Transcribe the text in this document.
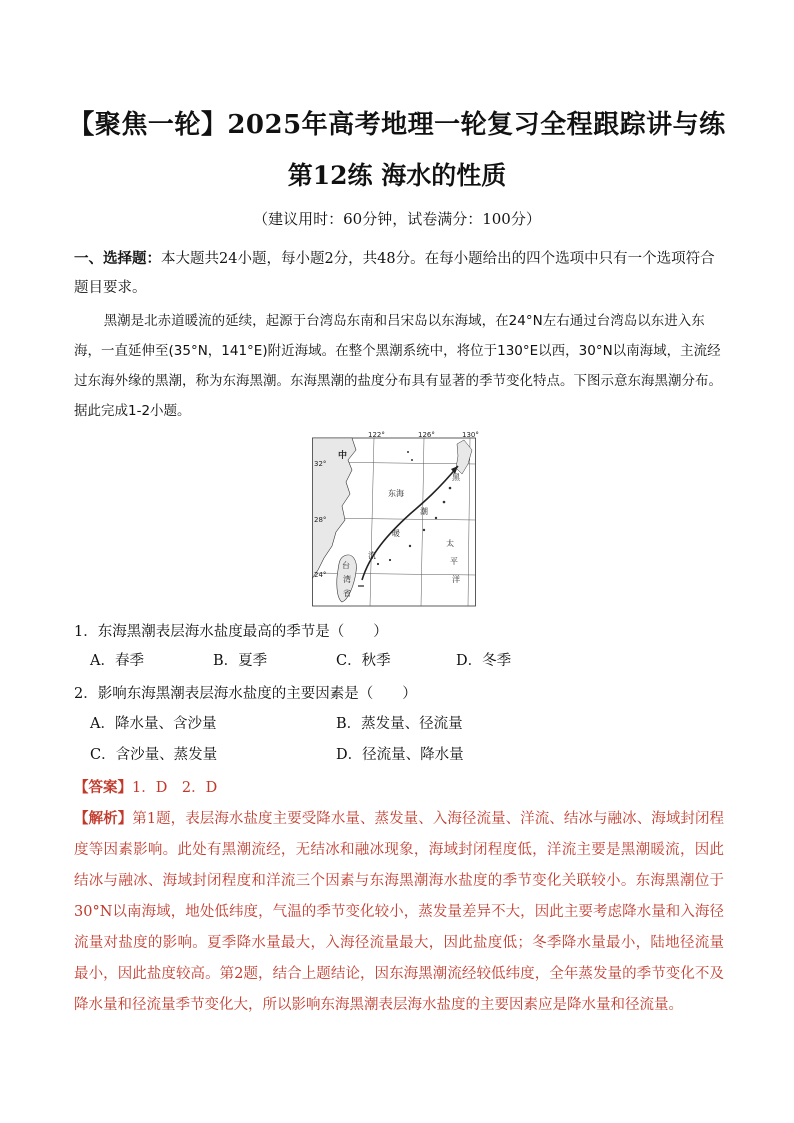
【聚焦一轮】2025年高考地理一轮复习全程跟踪讲与练
第12练 海水的性质
（建议用时：60分钟，试卷满分：100分）
一、选择题：本大题共24小题，每小题2分，共48分。在每小题给出的四个选项中只有一个选项符合题目要求。
黑潮是北赤道暖流的延续，起源于台湾岛东南和吕宋岛以东海域，在24°N左右通过台湾岛以东进入东海，一直延伸至(35°N，141°E)附近海域。在整个黑潮系统中，将位于130°E以西，30°N以南海域，主流经过东海外缘的黑潮，称为东海黑潮。东海黑潮的盐度分布具有显著的季节变化特点。下图示意东海黑潮分布。据此完成1-2小题。
122°	126°	130°
32°
28°
24°
中
东海
台
湾
省
黑
潮
暖
流
太
平
洋
1．东海黑潮表层海水盐度最高的季节是（　　）
A．春季	B．夏季	C．秋季	D．冬季
2．影响东海黑潮表层海水盐度的主要因素是（　　）
A．降水量、含沙量	B．蒸发量、径流量
C．含沙量、蒸发量	D．径流量、降水量
【答案】1．D　2．D
【解析】第1题，表层海水盐度主要受降水量、蒸发量、入海径流量、洋流、结冰与融冰、海域封闭程度等因素影响。此处有黑潮流经，无结冰和融冰现象，海域封闭程度低，洋流主要是黑潮暖流，因此结冰与融冰、海域封闭程度和洋流三个因素与东海黑潮海水盐度的季节变化关联较小。东海黑潮位于30°N以南海域，地处低纬度，气温的季节变化较小，蒸发量差异不大，因此主要考虑降水量和入海径流量对盐度的影响。夏季降水量最大，入海径流量最大，因此盐度低；冬季降水量最小，陆地径流量最小，因此盐度较高。第2题，结合上题结论，因东海黑潮流经较低纬度，全年蒸发量的季节变化不及降水量和径流量季节变化大，所以影响东海黑潮表层海水盐度的主要因素应是降水量和径流量。
